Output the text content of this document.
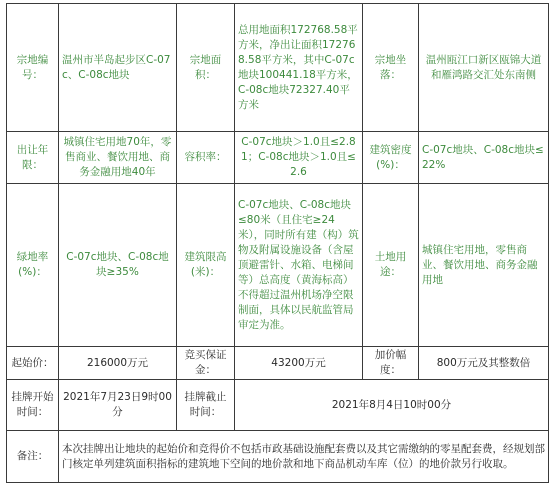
宗地编号：	温州市半岛起步区C-07c、C-08c地块	宗地面积：	总用地面积172768.58平方米，净出让面积172768.58平方米，其中C-07c地块100441.18平方米，C-08c地块72327.40平方米	宗地坐落：	温州瓯江口新区瓯锦大道和雁鸿路交汇处东南侧
出让年限：	城镇住宅用地70年，零售商业、餐饮用地、商务金融用地40年	容积率：	C-07c地块＞1.0且≤2.81；C-08c地块＞1.0且≤2.6	建筑密度(%)：	C-07c地块、C-08c地块≤22%
绿地率(%)：	C-07c地块、C-08c地块≥35%	建筑限高(米)：	C-07c地块、C-08c地块≤80米（且住宅≥24米），同时所有建（构）筑物及附属设施设备（含屋顶避雷针、水箱、电梯间等）总高度（黄海标高）不得超过温州机场净空限制面，具体以民航监管局审定为准。	土地用途：	城镇住宅用地，零售商业、餐饮用地、商务金融用地
起始价：	216000万元	竞买保证金：	43200万元	加价幅度：	800万元及其整数倍
挂牌开始时间：	2021年7月23日9时00分	挂牌截止时间：	2021年8月4日10时00分		
备注：	本次挂牌出让地块的起始价和竞得价不包括市政基础设施配套费以及其它需缴纳的零星配套费，经规划部门核定单列建筑面积指标的建筑地下空间的地价款和地下商品机动车库（位）的地价款另行收取。				
